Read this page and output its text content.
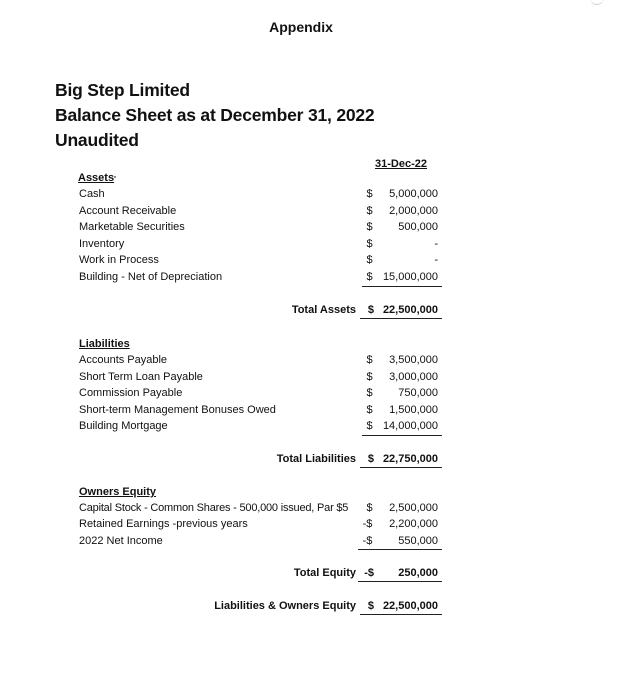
Appendix
Big Step Limited
Balance Sheet as at December 31, 2022
Unaudited
31-Dec-22
Assets
Cash	$	5,000,000
Account Receivable	$	2,000,000
Marketable Securities	$	500,000
Inventory	$	-
Work in Process	$	-
Building - Net of Depreciation	$ 15,000,000
Total Assets	$ 22,500,000
Liabilities
Accounts Payable	$	3,500,000
Short Term Loan Payable	$	3,000,000
Commission Payable	$	750,000
Short-term Management Bonuses Owed	$	1,500,000
Building Mortgage	$ 14,000,000
Total Liabilities	$ 22,750,000
Owners Equity
Capital Stock - Common Shares - 500,000 issued, Par $5 $	2,500,000
Retained Earnings -previous years	-$	2,200,000
2022 Net Income	-$	550,000
Total Equity -$	250,000
Liabilities & Owners Equity	$ 22,500,000
